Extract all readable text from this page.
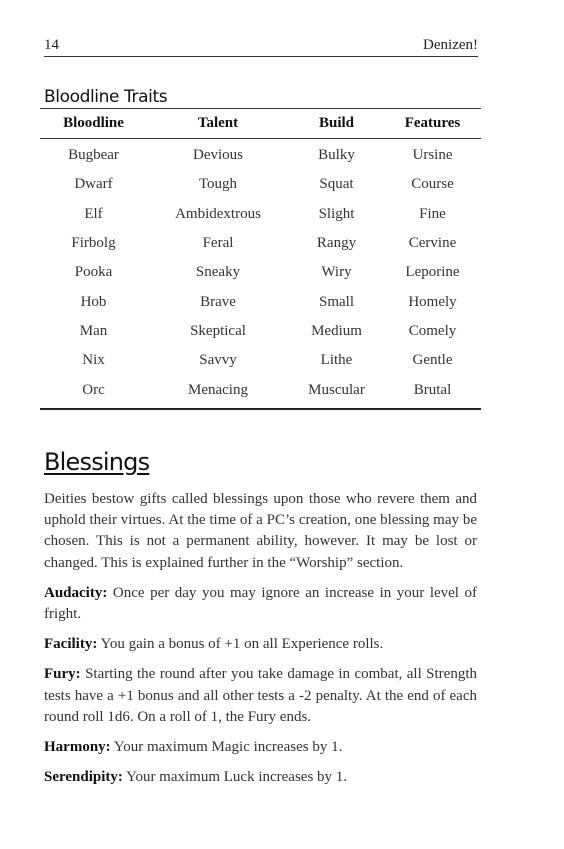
14	Denizen!
Bloodline Traits
Bloodline	Talent	Build	Features
Bugbear	Devious	Bulky	Ursine
Dwarf	Tough	Squat	Course
Elf	Ambidextrous	Slight	Fine
Firbolg	Feral	Rangy	Cervine
Pooka	Sneaky	Wiry	Leporine
Hob	Brave	Small	Homely
Man	Skeptical	Medium	Comely
Nix	Savvy	Lithe	Gentle
Orc	Menacing	Muscular	Brutal
Blessings

Deities bestow gifts called blessings upon those who revere them and uphold their virtues. At the time of a PC’s creation, one blessing may be chosen. This is not a permanent ability, however. It may be lost or changed. This is explained further in the “Worship” section.

Audacity: Once per day you may ignore an increase in your level of fright.

Facility: You gain a bonus of +1 on all Experience rolls.

Fury: Starting the round after you take damage in combat, all Strength tests have a +1 bonus and all other tests a -2 penalty. At the end of each round roll 1d6. On a roll of 1, the Fury ends.

Harmony: Your maximum Magic increases by 1.

Serendipity: Your maximum Luck increases by 1.
